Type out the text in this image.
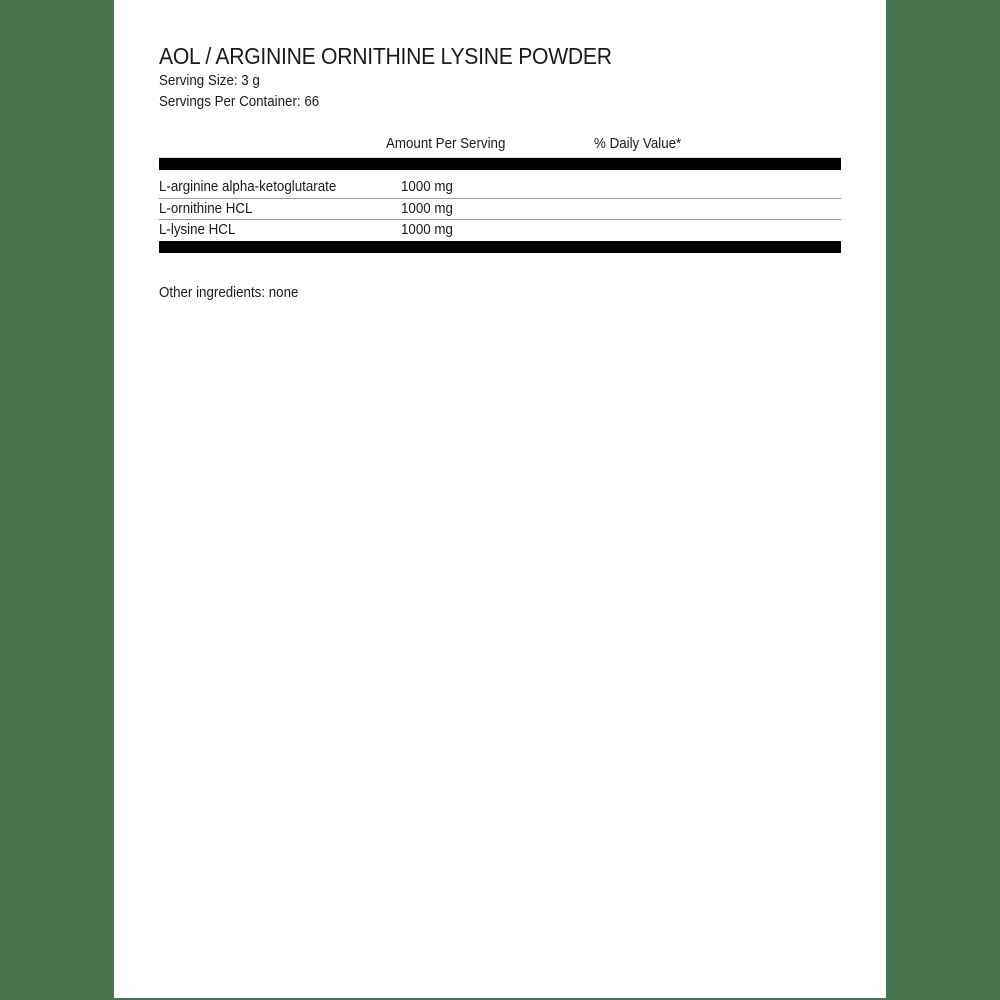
AOL / ARGININE ORNITHINE LYSINE POWDER
Serving Size: 3 g
Servings Per Container: 66
Amount Per Serving	% Daily Value*
L-arginine alpha-ketoglutarate	1000 mg
L-ornithine HCL	1000 mg
L-lysine HCL	1000 mg
Other ingredients: none
